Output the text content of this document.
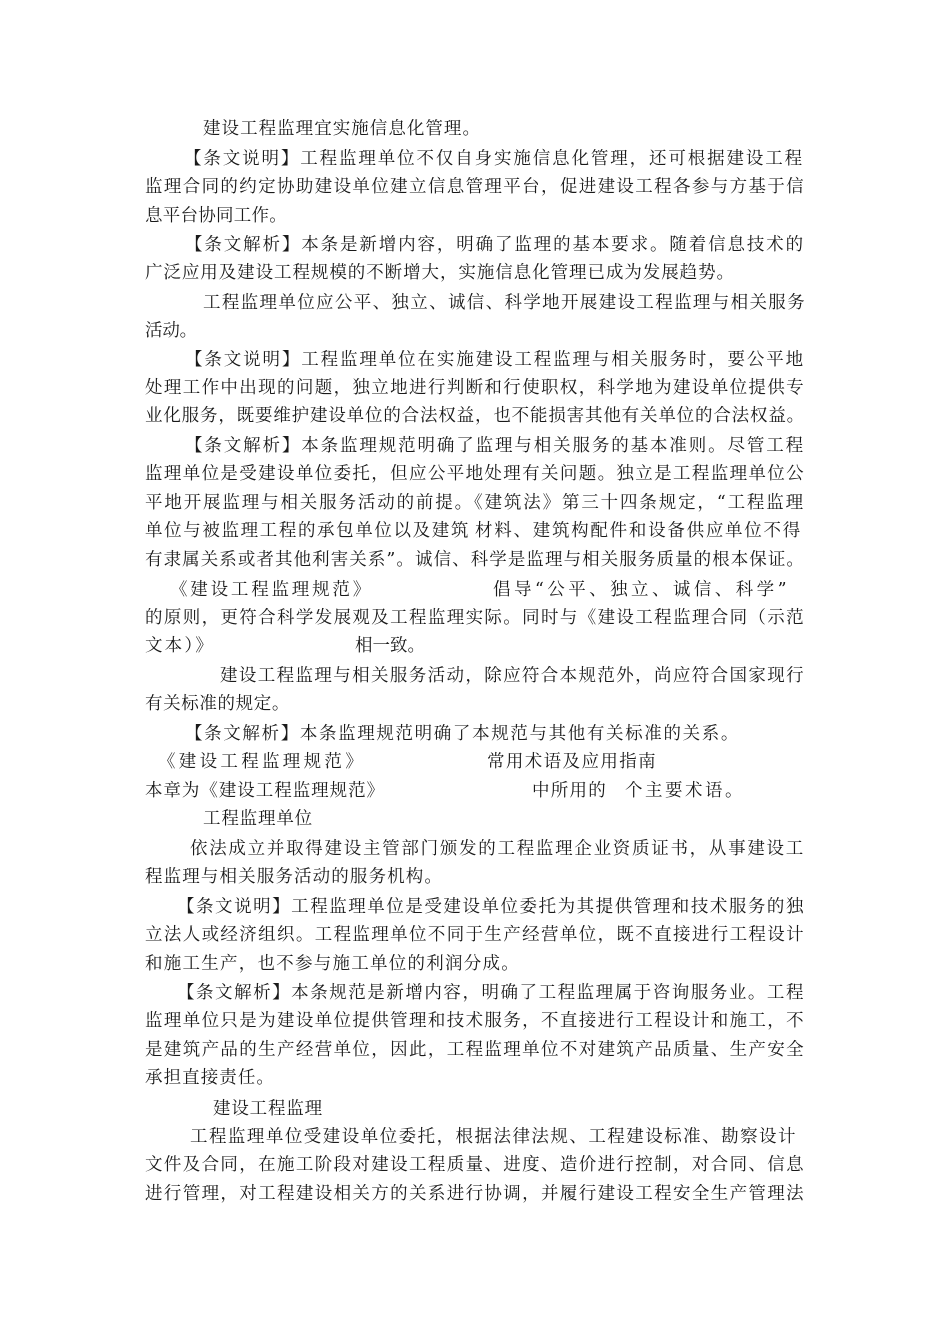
建设工程监理宜实施信息化管理。
【条文说明】工程监理单位不仅自身实施信息化管理，还可根据建设工程
监理合同的约定协助建设单位建立信息管理平台，促进建设工程各参与方基于信
息平台协同工作。
【条文解析】本条是新增内容，明确了监理的基本要求。随着信息技术的
广泛应用及建设工程规模的不断增大，实施信息化管理已成为发展趋势。
工程监理单位应公平、独立、诚信、科学地开展建设工程监理与相关服务
活动。
【条文说明】工程监理单位在实施建设工程监理与相关服务时，要公平地
处理工作中出现的问题，独立地进行判断和行使职权，科学地为建设单位提供专
业化服务，既要维护建设单位的合法权益，也不能损害其他有关单位的合法权益。
【条文解析】本条监理规范明确了监理与相关服务的基本准则。尽管工程
监理单位是受建设单位委托，但应公平地处理有关问题。独立是工程监理单位公
平地开展监理与相关服务活动的前提。《建筑法》第三十四条规定，“工程监理
单位与被监理工程的承包单位以及建筑 材料、建筑构配件和设备供应单位不得
有隶属关系或者其他利害关系”。诚信、科学是监理与相关服务质量的根本保证。
《建设工程监理规范》	倡导“公平、独立、诚信、科学”
的原则，更符合科学发展观及工程监理实际。同时与《建设工程监理合同（示范
文本）》	相一致。
建设工程监理与相关服务活动，除应符合本规范外，尚应符合国家现行
有关标准的规定。
【条文解析】本条监理规范明确了本规范与其他有关标准的关系。
《建设工程监理规范》	常用术语及应用指南
本章为《建设工程监理规范》	中所用的 个主要术语。
工程监理单位
依法成立并取得建设主管部门颁发的工程监理企业资质证书，从事建设工
程监理与相关服务活动的服务机构。
【条文说明】工程监理单位是受建设单位委托为其提供管理和技术服务的独
立法人或经济组织。工程监理单位不同于生产经营单位，既不直接进行工程设计
和施工生产，也不参与施工单位的利润分成。
【条文解析】本条规范是新增内容，明确了工程监理属于咨询服务业。工程
监理单位只是为建设单位提供管理和技术服务，不直接进行工程设计和施工，不
是建筑产品的生产经营单位，因此，工程监理单位不对建筑产品质量、生产安全
承担直接责任。
建设工程监理
工程监理单位受建设单位委托，根据法律法规、工程建设标准、勘察设计
文件及合同，在施工阶段对建设工程质量、进度、造价进行控制，对合同、信息
进行管理，对工程建设相关方的关系进行协调，并履行建设工程安全生产管理法
